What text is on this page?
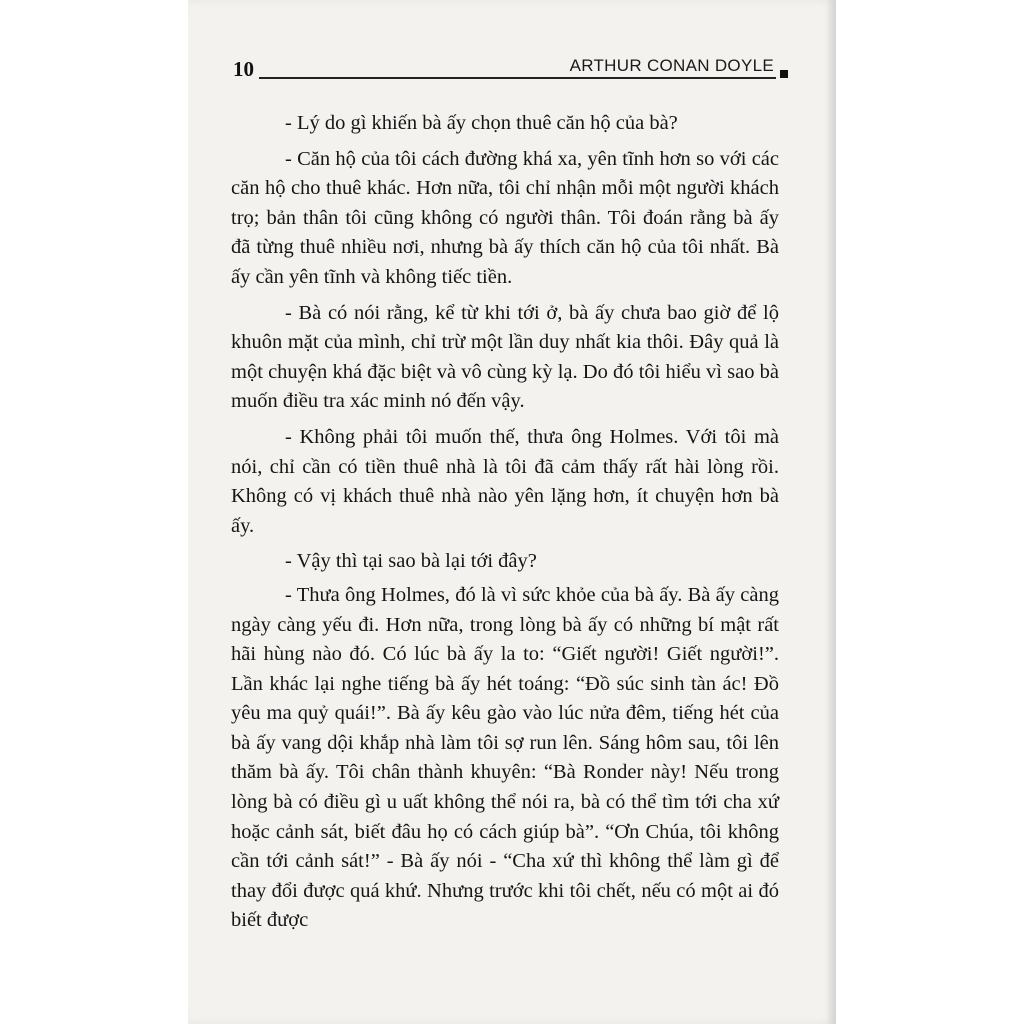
10	ARTHUR CONAN DOYLE

- Lý do gì khiến bà ấy chọn thuê căn hộ của bà?

- Căn hộ của tôi cách đường khá xa, yên tĩnh hơn so với các căn hộ cho thuê khác. Hơn nữa, tôi chỉ nhận mỗi một người khách trọ; bản thân tôi cũng không có người thân. Tôi đoán rằng bà ấy đã từng thuê nhiều nơi, nhưng bà ấy thích căn hộ của tôi nhất. Bà ấy cần yên tĩnh và không tiếc tiền.

- Bà có nói rằng, kể từ khi tới ở, bà ấy chưa bao giờ để lộ khuôn mặt của mình, chỉ trừ một lần duy nhất kia thôi. Đây quả là một chuyện khá đặc biệt và vô cùng kỳ lạ. Do đó tôi hiểu vì sao bà muốn điều tra xác minh nó đến vậy.

- Không phải tôi muốn thế, thưa ông Holmes. Với tôi mà nói, chỉ cần có tiền thuê nhà là tôi đã cảm thấy rất hài lòng rồi. Không có vị khách thuê nhà nào yên lặng hơn, ít chuyện hơn bà ấy.

- Vậy thì tại sao bà lại tới đây?

- Thưa ông Holmes, đó là vì sức khỏe của bà ấy. Bà ấy càng ngày càng yếu đi. Hơn nữa, trong lòng bà ấy có những bí mật rất hãi hùng nào đó. Có lúc bà ấy la to: “Giết người! Giết người!”. Lần khác lại nghe tiếng bà ấy hét toáng: “Đồ súc sinh tàn ác! Đồ yêu ma quỷ quái!”. Bà ấy kêu gào vào lúc nửa đêm, tiếng hét của bà ấy vang dội khắp nhà làm tôi sợ run lên. Sáng hôm sau, tôi lên thăm bà ấy. Tôi chân thành khuyên: “Bà Ronder này! Nếu trong lòng bà có điều gì u uất không thể nói ra, bà có thể tìm tới cha xứ hoặc cảnh sát, biết đâu họ có cách giúp bà”. “Ơn Chúa, tôi không cần tới cảnh sát!” - Bà ấy nói - “Cha xứ thì không thể làm gì để thay đổi được quá khứ. Nhưng trước khi tôi chết, nếu có một ai đó biết được
